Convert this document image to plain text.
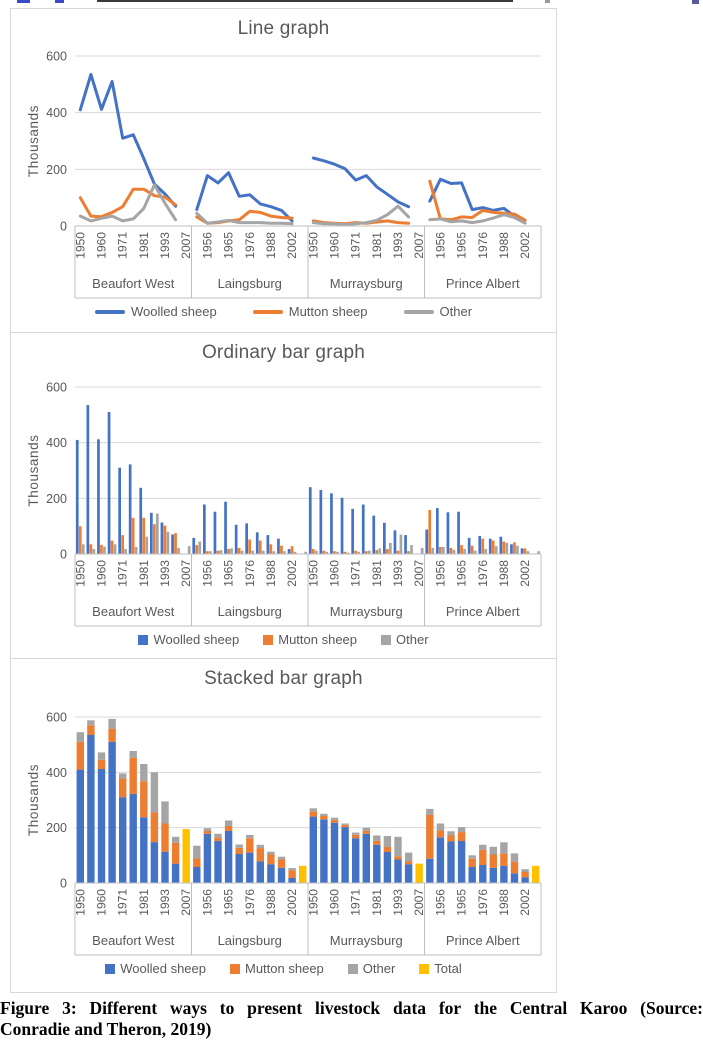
Line graph
0
200
400
600
Thousands
1950 1960 1971 1981 1993 2007
Beaufort West
1956 1965 1976 1988 2002
Laingsburg
1950 1960 1971 1981 1993 2007
Murraysburg
1956 1965 1976 1988 2002
Prince Albert
Woolled sheep	Mutton sheep	Other
Ordinary bar graph
0
200
400
600
Thousands
1950 1960 1971 1981 1993 2007
Beaufort West
1956 1965 1976 1988 2002
Laingsburg
1950 1960 1971 1981 1993 2007
Murraysburg
1956 1965 1976 1988 2002
Prince Albert
Woolled sheep	Mutton sheep	Other
Stacked bar graph
0
200
400
600
Thousands
1950 1960 1971 1981 1993 2007
Beaufort West
1956 1965 1976 1988 2002
Laingsburg
1950 1960 1971 1981 1993 2007
Murraysburg
1956 1965 1976 1988 2002
Prince Albert
Woolled sheep	Mutton sheep	Other	Total

Figure 3: Different ways to present livestock data for the Central Karoo (Source:
Conradie and Theron, 2019)
